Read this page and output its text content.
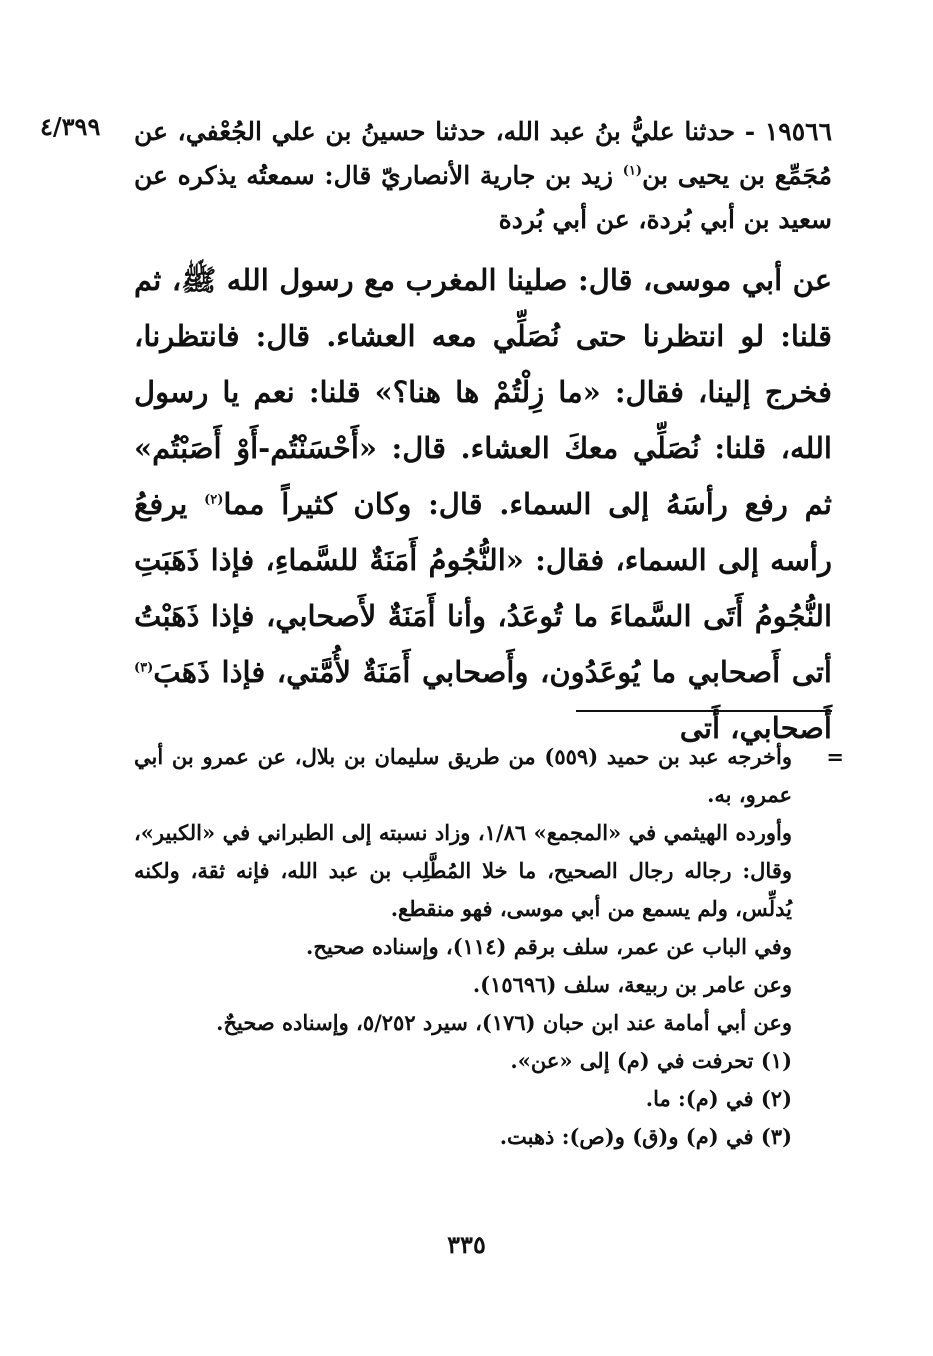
٤/٣٩٩ ١٩٥٦٦ - حدثنا عليُّ بنُ عبد الله، حدثنا حسينُ بن علي الجُعْفي، عن مُجَمِّع بن يحيى بن$^{(١)}$ زيد بن جارية الأنصاريّ قال: سمعتُه يذكره عن سعيد بن أبي بُردة، عن أبي بُردة
عن أبي موسى، قال: صلينا المغرب مع رسول الله ﷺ، ثم قلنا: لو انتظرنا حتى نُصَلِّي معه العشاء. قال: فانتظرنا، فخرج إلينا، فقال: «ما زِلْتُمْ ها هنا؟» قلنا: نعم يا رسول الله، قلنا: نُصَلِّي معكَ العشاء. قال: «أَحْسَنْتُم-أَوْ أَصَبْتُم» ثم رفع رأسَهُ إلى السماء. قال: وكان كثيراً مما$^{(٢)}$ يرفعُ رأسه إلى السماء، فقال: «النُّجُومُ أَمَنَةٌ للسَّماءِ، فإذا ذَهَبَتِ النُّجُومُ أَتَى السَّماءَ ما تُوعَدُ، وأنا أَمَنَةٌ لأَصحابي، فإذا ذَهَبْتُ أتى أَصحابي ما يُوعَدُون، وأَصحابي أَمَنَةٌ لأُمَّتي، فإذا ذَهَبَ$^{(٣)}$ أَصحابي، أَتى

=
وأخرجه عبد بن حميد (٥٥٩) من طريق سليمان بن بلال، عن عمرو بن أبي عمرو، به.

وأورده الهيثمي في «المجمع» ١/٨٦، وزاد نسبته إلى الطبراني في «الكبير»، وقال: رجاله رجال الصحيح، ما خلا المُطَّلِب بن عبد الله، فإنه ثقة، ولكنه يُدلِّس، ولم يسمع من أبي موسى، فهو منقطع.

وفي الباب عن عمر، سلف برقم (١١٤)، وإسناده صحيح.

وعن عامر بن ربيعة، سلف (١٥٦٩٦).

وعن أبي أمامة عند ابن حبان (١٧٦)، سيرد ٥/٢٥٢، وإسناده صحيحٌ.

(١) تحرفت في (م) إلى «عن».

(٢) في (م): ما.

(٣) في (م) و(ق) و(ص): ذهبت.

٣٣٥
